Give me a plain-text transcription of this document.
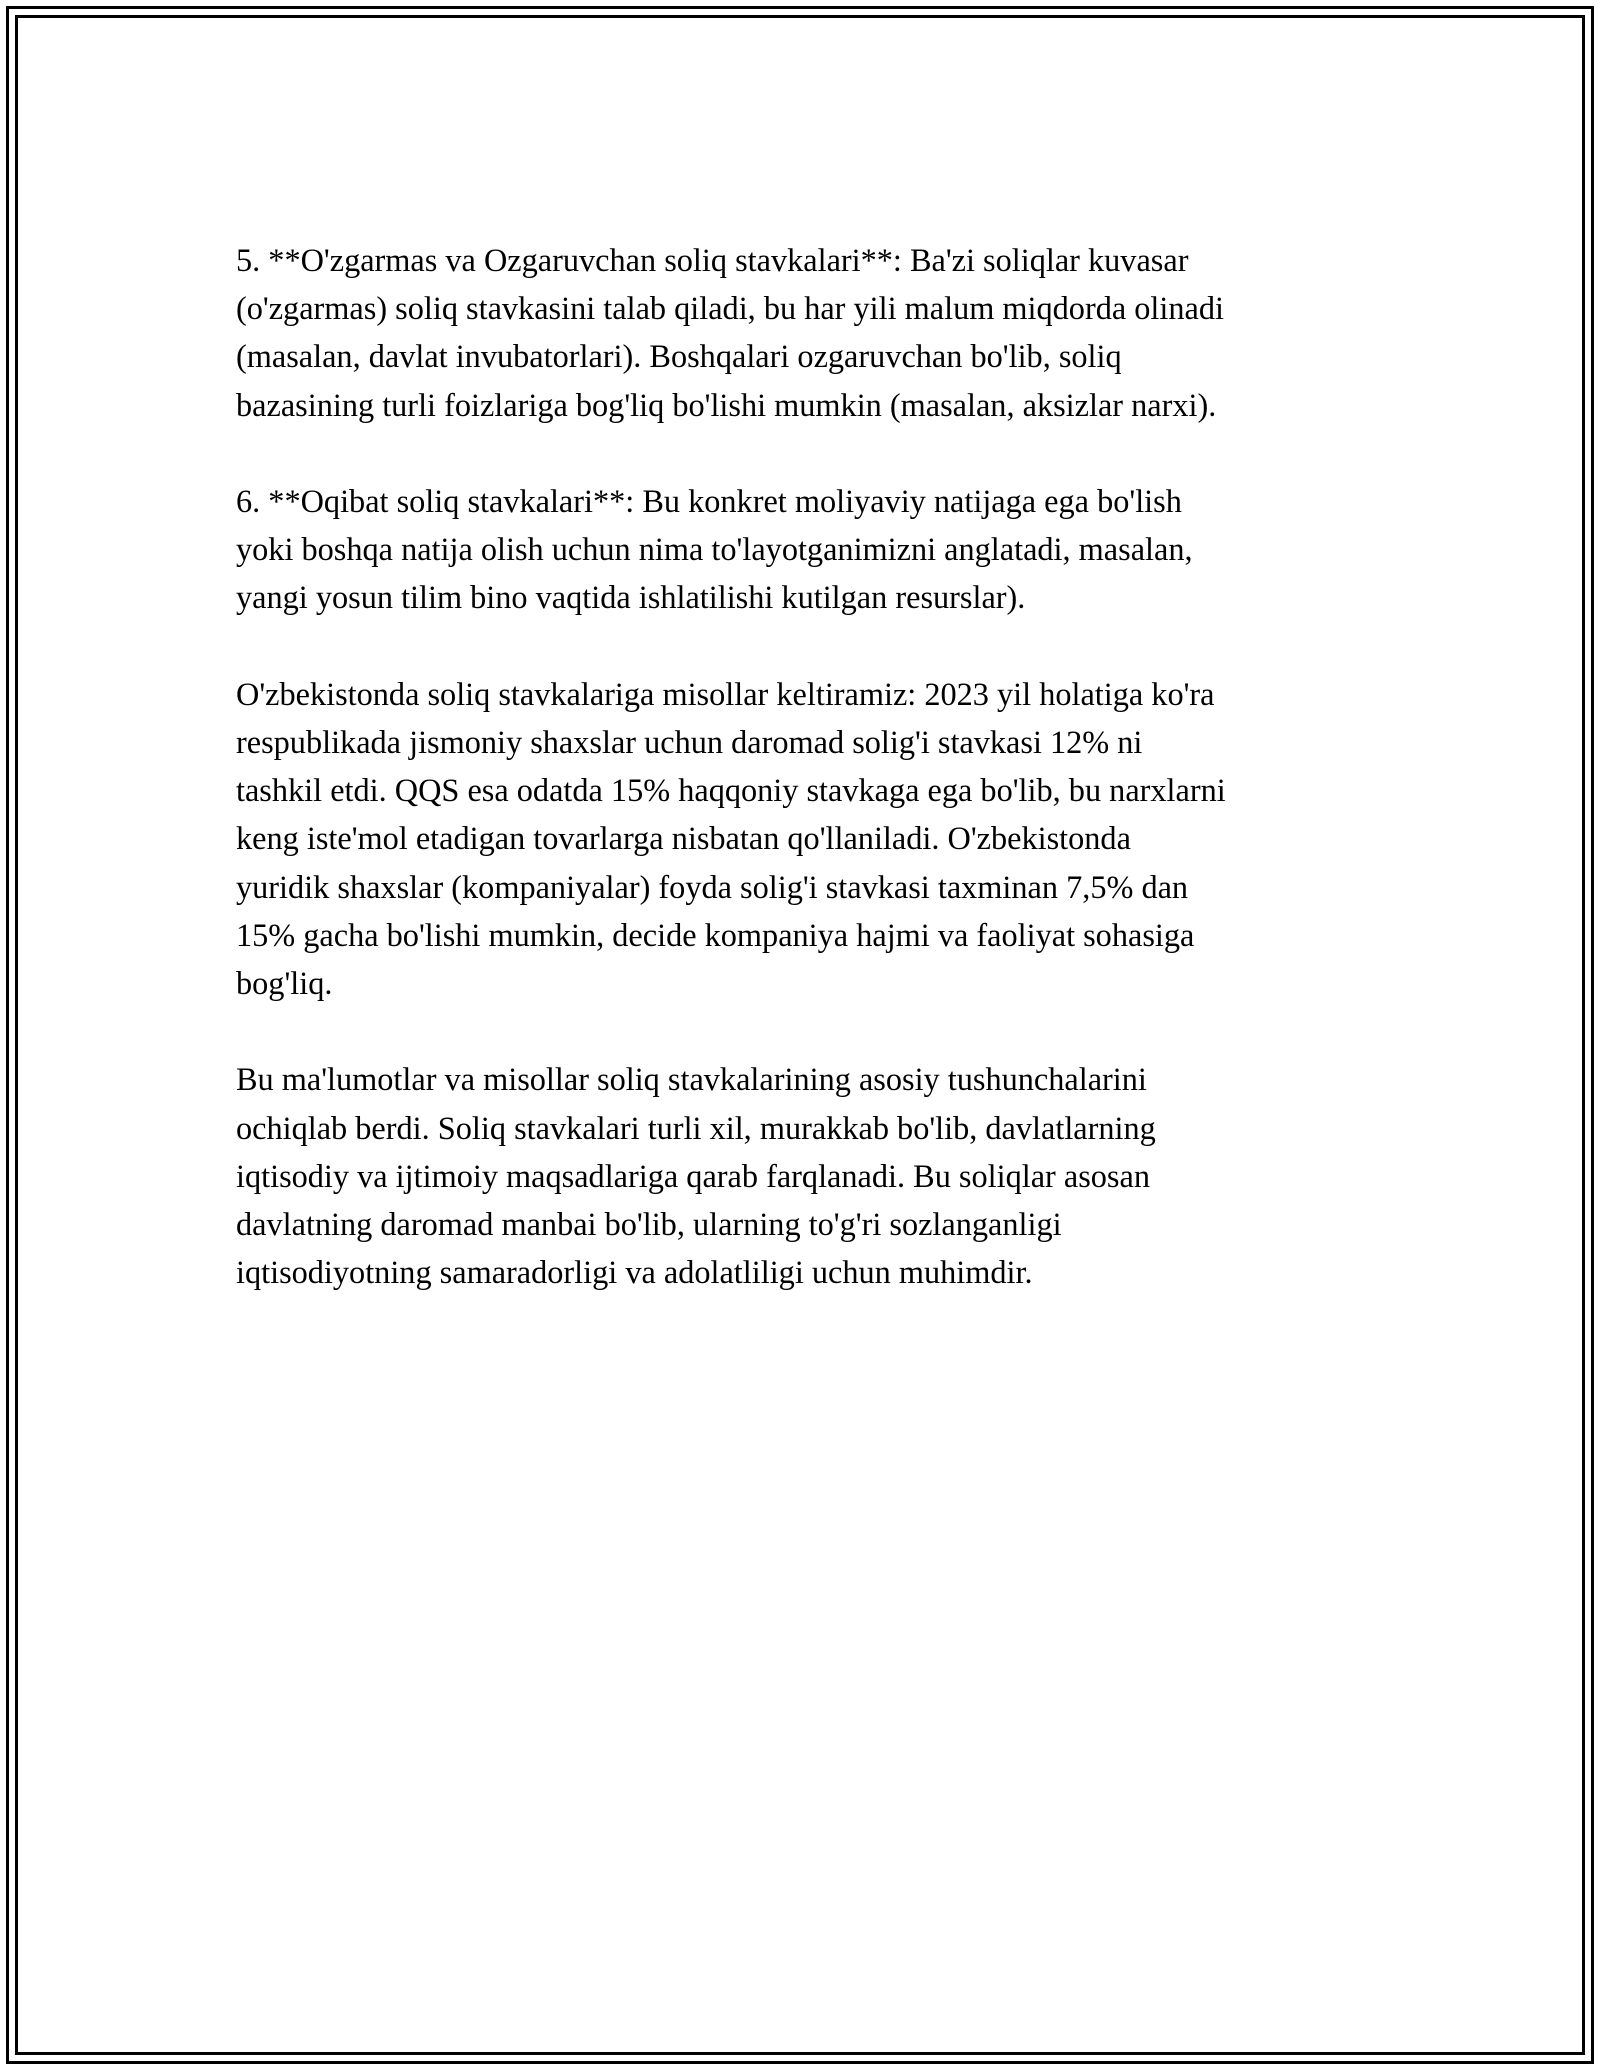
5. **O'zgarmas va Ozgaruvchan soliq stavkalari**: Ba'zi soliqlar kuvasar
(o'zgarmas) soliq stavkasini talab qiladi, bu har yili malum miqdorda olinadi
(masalan, davlat invubatorlari). Boshqalari ozgaruvchan bo'lib, soliq
bazasining turli foizlariga bog'liq bo'lishi mumkin (masalan, aksizlar narxi).

6. **Oqibat soliq stavkalari**: Bu konkret moliyaviy natijaga ega bo'lish
yoki boshqa natija olish uchun nima to'layotganimizni anglatadi, masalan,
yangi yosun tilim bino vaqtida ishlatilishi kutilgan resurslar).

O'zbekistonda soliq stavkalariga misollar keltiramiz: 2023 yil holatiga ko'ra
respublikada jismoniy shaxslar uchun daromad solig'i stavkasi 12% ni
tashkil etdi. QQS esa odatda 15% haqqoniy stavkaga ega bo'lib, bu narxlarni
keng iste'mol etadigan tovarlarga nisbatan qo'llaniladi. O'zbekistonda
yuridik shaxslar (kompaniyalar) foyda solig'i stavkasi taxminan 7,5% dan
15% gacha bo'lishi mumkin, decide kompaniya hajmi va faoliyat sohasiga
bog'liq.

Bu ma'lumotlar va misollar soliq stavkalarining asosiy tushunchalarini
ochiqlab berdi. Soliq stavkalari turli xil, murakkab bo'lib, davlatlarning
iqtisodiy va ijtimoiy maqsadlariga qarab farqlanadi. Bu soliqlar asosan
davlatning daromad manbai bo'lib, ularning to'g'ri sozlanganligi
iqtisodiyotning samaradorligi va adolatliligi uchun muhimdir.
